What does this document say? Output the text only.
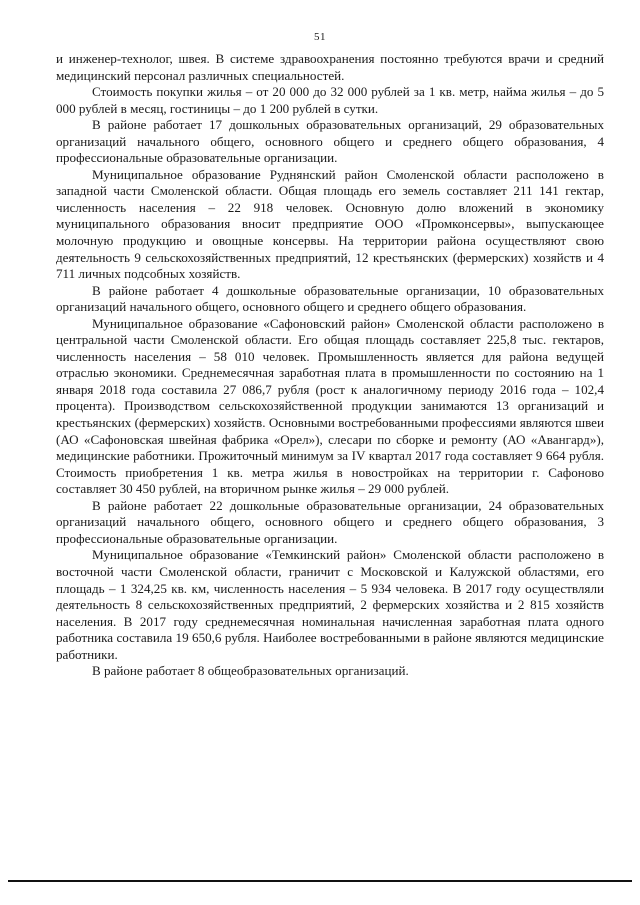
51

и инженер-технолог, швея. В системе здравоохранения постоянно требуются врачи и средний медицинский персонал различных специальностей.

Стоимость покупки жилья – от 20 000 до 32 000 рублей за 1 кв. метр, найма жилья – до 5 000 рублей в месяц, гостиницы – до 1 200 рублей в сутки.

В районе работает 17 дошкольных образовательных организаций, 29 образовательных организаций начального общего, основного общего и среднего общего образования, 4 профессиональные образовательные организации.

Муниципальное образование Руднянский район Смоленской области расположено в западной части Смоленской области. Общая площадь его земель составляет 211 141 гектар, численность населения – 22 918 человек. Основную долю вложений в экономику муниципального образования вносит предприятие ООО «Промконсервы», выпускающее молочную продукцию и овощные консервы. На территории района осуществляют свою деятельность 9 сельскохозяйственных предприятий, 12 крестьянских (фермерских) хозяйств и 4 711 личных подсобных хозяйств.

В районе работает 4 дошкольные образовательные организации, 10 образовательных организаций начального общего, основного общего и среднего общего образования.

Муниципальное образование «Сафоновский район» Смоленской области расположено в центральной части Смоленской области. Его общая площадь составляет 225,8 тыс. гектаров, численность населения – 58 010 человек. Промышленность является для района ведущей отраслью экономики. Среднемесячная заработная плата в промышленности по состоянию на 1 января 2018 года составила 27 086,7 рубля (рост к аналогичному периоду 2016 года – 102,4 процента). Производством сельскохозяйственной продукции занимаются 13 организаций и крестьянских (фермерских) хозяйств. Основными востребованными профессиями являются швеи (АО «Сафоновская швейная фабрика «Орел»), слесари по сборке и ремонту (АО «Авангард»), медицинские работники. Прожиточный минимум за IV квартал 2017 года составляет 9 664 рубля. Стоимость приобретения 1 кв. метра жилья в новостройках на территории г. Сафоново составляет 30 450 рублей, на вторичном рынке жилья – 29 000 рублей.

В районе работает 22 дошкольные образовательные организации, 24 образовательных организаций начального общего, основного общего и среднего общего образования, 3 профессиональные образовательные организации.

Муниципальное образование «Темкинский район» Смоленской области расположено в восточной части Смоленской области, граничит с Московской и Калужской областями, его площадь – 1 324,25 кв. км, численность населения – 5 934 человека. В 2017 году осуществляли деятельность 8 сельскохозяйственных предприятий, 2 фермерских хозяйства и 2 815 хозяйств населения. В 2017 году среднемесячная номинальная начисленная заработная плата одного работника составила 19 650,6 рубля. Наиболее востребованными в районе являются медицинские работники.

В районе работает 8 общеобразовательных организаций.
